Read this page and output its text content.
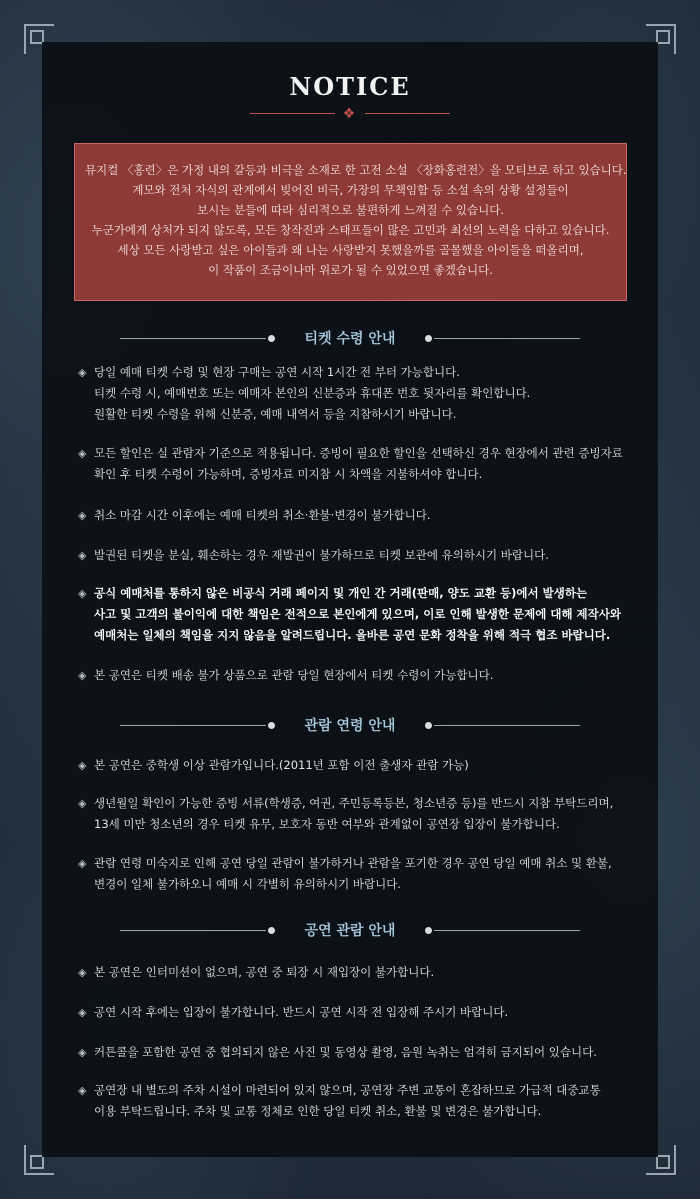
NOTICE
❖

뮤지컬 〈홍련〉은 가정 내의 갈등과 비극을 소재로 한 고전 소설 〈장화홍련전〉을 모티브로 하고 있습니다.

계모와 전처 자식의 관계에서 빚어진 비극, 가장의 무책임함 등 소설 속의 상황 설정들이

보시는 분들에 따라 심리적으로 불편하게 느껴질 수 있습니다.

누군가에게 상처가 되지 않도록, 모든 창작진과 스태프들이 많은 고민과 최선의 노력을 다하고 있습니다.

세상 모든 사랑받고 싶은 아이들과 왜 나는 사랑받지 못했을까를 골몰했을 아이들을 떠올리며,

이 작품이 조금이나마 위로가 될 수 있었으면 좋겠습니다.

티켓 수령 안내
◈ 당일 예매 티켓 수령 및 현장 구매는 공연 시작 1시간 전 부터 가능합니다.
티켓 수령 시, 예매번호 또는 예매자 본인의 신분증과 휴대폰 번호 뒷자리를 확인합니다.
원활한 티켓 수령을 위해 신분증, 예매 내역서 등을 지참하시기 바랍니다.
◈ 모든 할인은 실 관람자 기준으로 적용됩니다. 증빙이 필요한 할인을 선택하신 경우 현장에서 관련 증빙자료
확인 후 티켓 수령이 가능하며, 증빙자료 미지참 시 차액을 지불하셔야 합니다.
◈ 취소 마감 시간 이후에는 예매 티켓의 취소·환불·변경이 불가합니다.
◈ 발권된 티켓을 분실, 훼손하는 경우 재발권이 불가하므로 티켓 보관에 유의하시기 바랍니다.
◈ 공식 예매처를 통하지 않은 비공식 거래 페이지 및 개인 간 거래(판매, 양도 교환 등)에서 발생하는
사고 및 고객의 불이익에 대한 책임은 전적으로 본인에게 있으며, 이로 인해 발생한 문제에 대해 제작사와
예매처는 일체의 책임을 지지 않음을 알려드립니다. 올바른 공연 문화 정착을 위해 적극 협조 바랍니다.
◈ 본 공연은 티켓 배송 불가 상품으로 관람 당일 현장에서 티켓 수령이 가능합니다.
관람 연령 안내
◈ 본 공연은 중학생 이상 관람가입니다.(2011년 포함 이전 출생자 관람 가능)
◈ 생년월일 확인이 가능한 증빙 서류(학생증, 여권, 주민등록등본, 청소년증 등)를 반드시 지참 부탁드리며,
13세 미만 청소년의 경우 티켓 유무, 보호자 동반 여부와 관계없이 공연장 입장이 불가합니다.
◈ 관람 연령 미숙지로 인해 공연 당일 관람이 불가하거나 관람을 포기한 경우 공연 당일 예매 취소 및 환불,
변경이 일체 불가하오니 예매 시 각별히 유의하시기 바랍니다.
공연 관람 안내
◈ 본 공연은 인터미션이 없으며, 공연 중 퇴장 시 재입장이 불가합니다.
◈ 공연 시작 후에는 입장이 불가합니다. 반드시 공연 시작 전 입장해 주시기 바랍니다.
◈ 커튼콜을 포함한 공연 중 협의되지 않은 사진 및 동영상 촬영, 음원 녹취는 엄격히 금지되어 있습니다.
◈ 공연장 내 별도의 주차 시설이 마련되어 있지 않으며, 공연장 주변 교통이 혼잡하므로 가급적 대중교통
이용 부탁드립니다. 주차 및 교통 정체로 인한 당일 티켓 취소, 환불 및 변경은 불가합니다.
